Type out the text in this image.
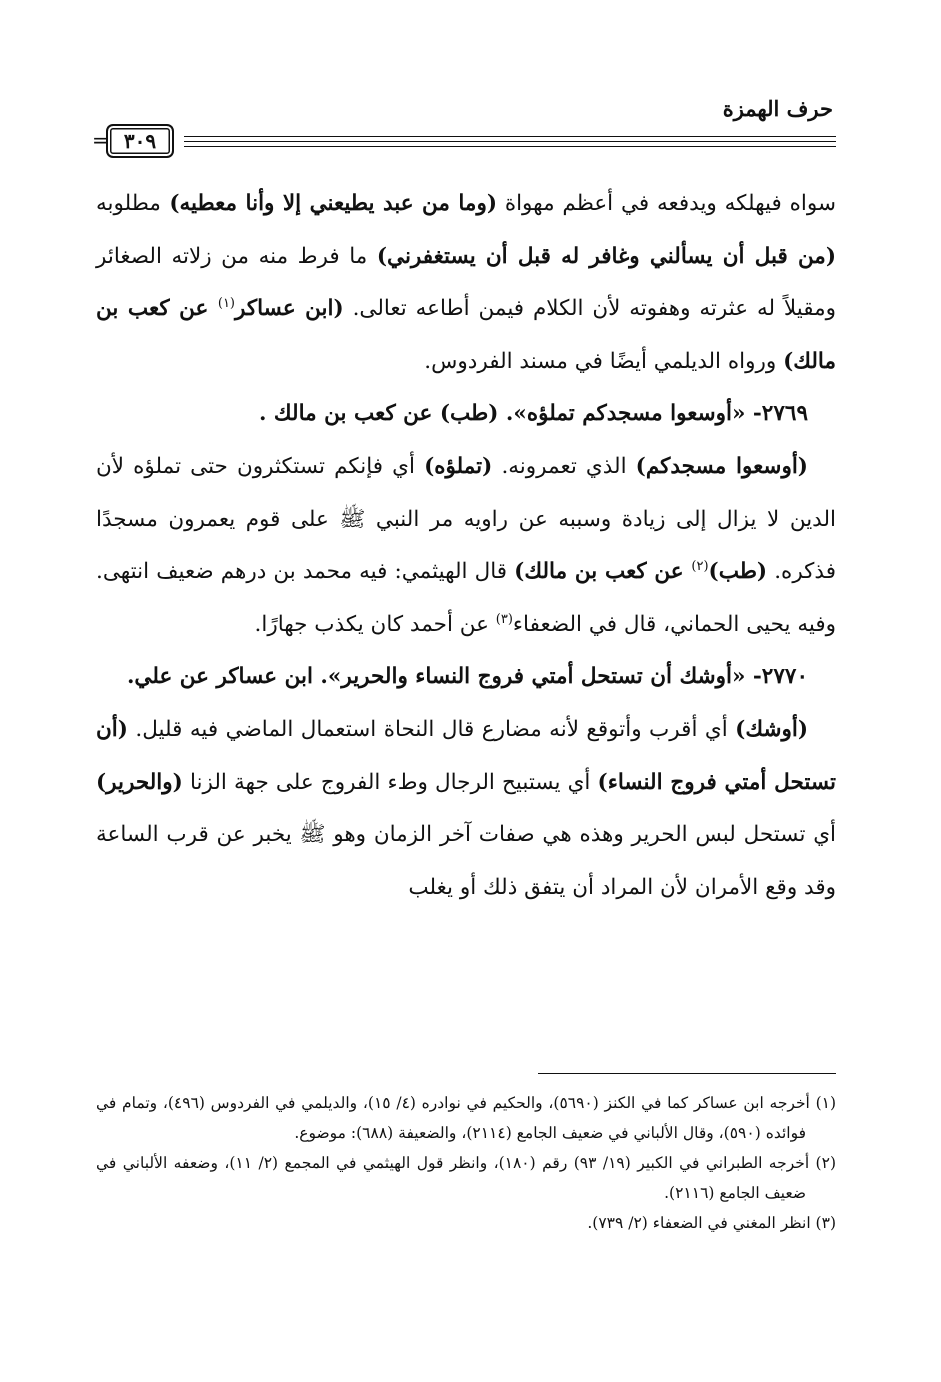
حرف الهمزة
= ٣٠٩

سواه فيهلكه ويدفعه في أعظم مهواة (وما من عبد يطيعني إلا وأنا معطيه) مطلوبه (من قبل أن يسألني وغافر له قبل أن يستغفرني) ما فرط منه من زلاته الصغائر ومقيلاً له عثرته وهفوته لأن الكلام فيمن أطاعه تعالى. (ابن عساكر$^{(١)}$ عن كعب بن مالك) ورواه الديلمي أيضًا في مسند الفردوس.

٢٧٦٩- «أوسعوا مسجدكم تملؤه». (طب) عن كعب بن مالك .

(أوسعوا مسجدكم) الذي تعمرونه. (تملؤه) أي فإنكم تستكثرون حتى تملؤه لأن الدين لا يزال إلى زيادة وسببه عن راويه مر النبي ﷺ على قوم يعمرون مسجدًا فذكره. (طب)$^{(٢)}$ عن كعب بن مالك) قال الهيثمي: فيه محمد بن درهم ضعيف انتهى. وفيه يحيى الحماني، قال في الضعفاء$^{(٣)}$ عن أحمد كان يكذب جهارًا.

٢٧٧٠- «أوشك أن تستحل أمتي فروج النساء والحرير». ابن عساكر عن علي.

(أوشك) أي أقرب وأتوقع لأنه مضارع قال النحاة استعمال الماضي فيه قليل. (أن تستحل أمتي فروج النساء) أي يستبيح الرجال وطء الفروج على جهة الزنا (والحرير) أي تستحل لبس الحرير وهذه هي صفات آخر الزمان وهو ﷺ يخبر عن قرب الساعة وقد وقع الأمران لأن المراد أن يتفق ذلك أو يغلب

(١) أخرجه ابن عساكر كما في الكنز (٥٦٩٠)، والحكيم في نوادره (٤/ ١٥)، والديلمي في الفردوس (٤٩٦)، وتمام في فوائده (٥٩٠)، وقال الألباني في ضعيف الجامع (٢١١٤)، والضعيفة (٦٨٨): موضوع.

(٢) أخرجه الطبراني في الكبير (١٩/ ٩٣) رقم (١٨٠)، وانظر قول الهيثمي في المجمع (٢/ ١١)، وضعفه الألباني في ضعيف الجامع (٢١١٦).

(٣) انظر المغني في الضعفاء (٢/ ٧٣٩).
